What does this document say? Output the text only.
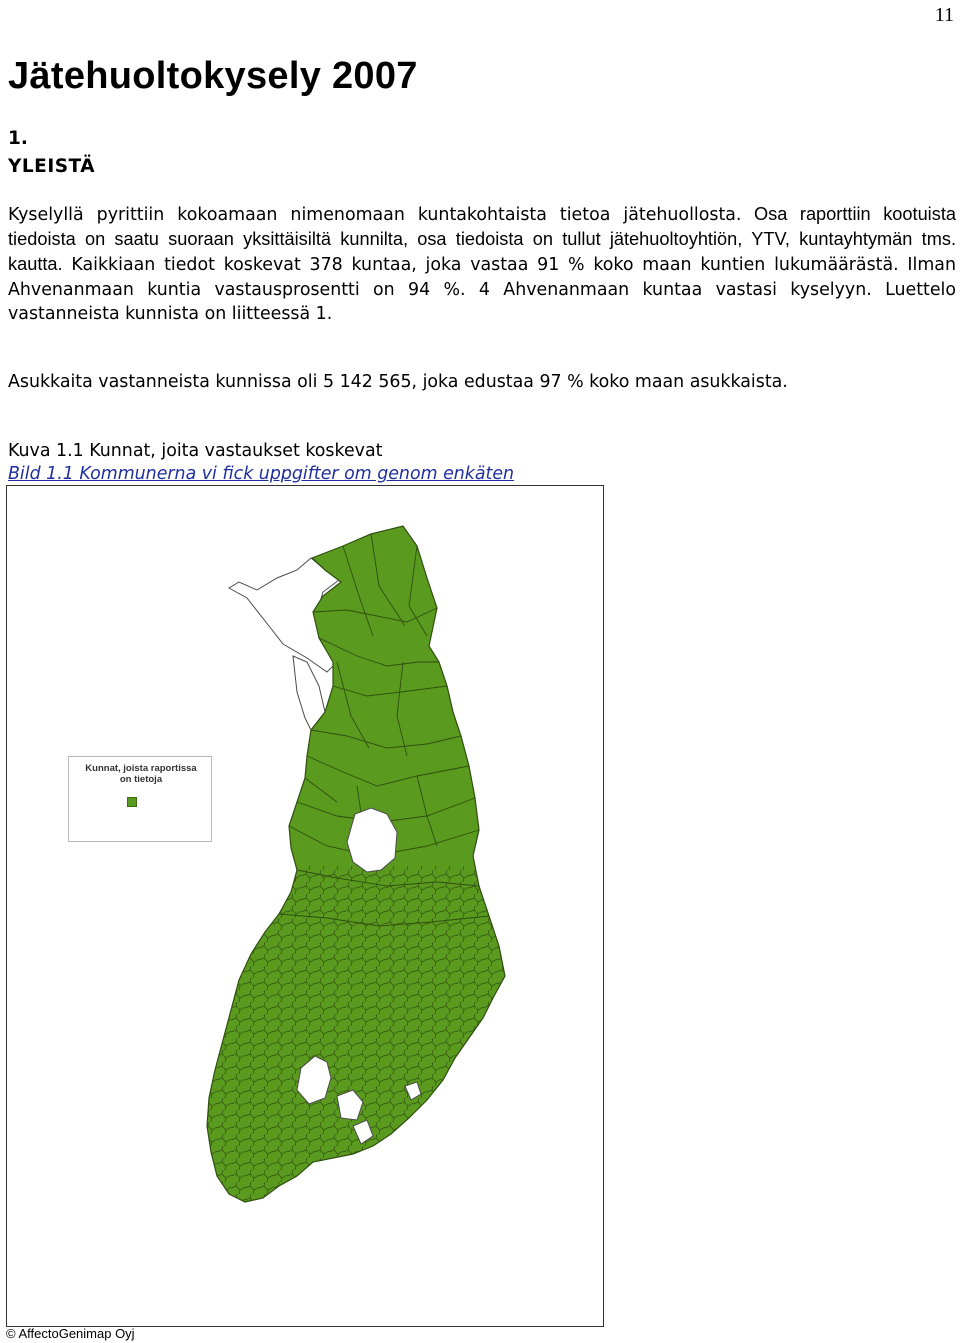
11
Jätehuoltokysely 2007
1.
YLEISTÄ

Kyselyllä pyrittiin kokoamaan nimenomaan kuntakohtaista tietoa jätehuollosta. Osa raporttiin kootuista tiedoista on saatu suoraan yksittäisiltä kunnilta, osa tiedoista on tullut jätehuoltoyhtiön, YTV, kuntayhtymän tms. kautta. Kaikkiaan tiedot koskevat 378 kuntaa, joka vastaa 91 % koko maan kuntien lukumäärästä. Ilman Ahvenanmaan kuntia vastausprosentti on 94 %. 4 Ahvenanmaan kuntaa vastasi kyselyyn. Luettelo vastanneista kunnista on liitteessä 1.

Asukkaita vastanneista kunnissa oli 5 142 565, joka edustaa 97 % koko maan asukkaista.

Kuva 1.1 Kunnat, joita vastaukset koskevat
Bild 1.1 Kommunerna vi fick uppgifter om genom enkäten
Kunnat, joista raportissa on tietoja
© AffectoGenimap Oyj
